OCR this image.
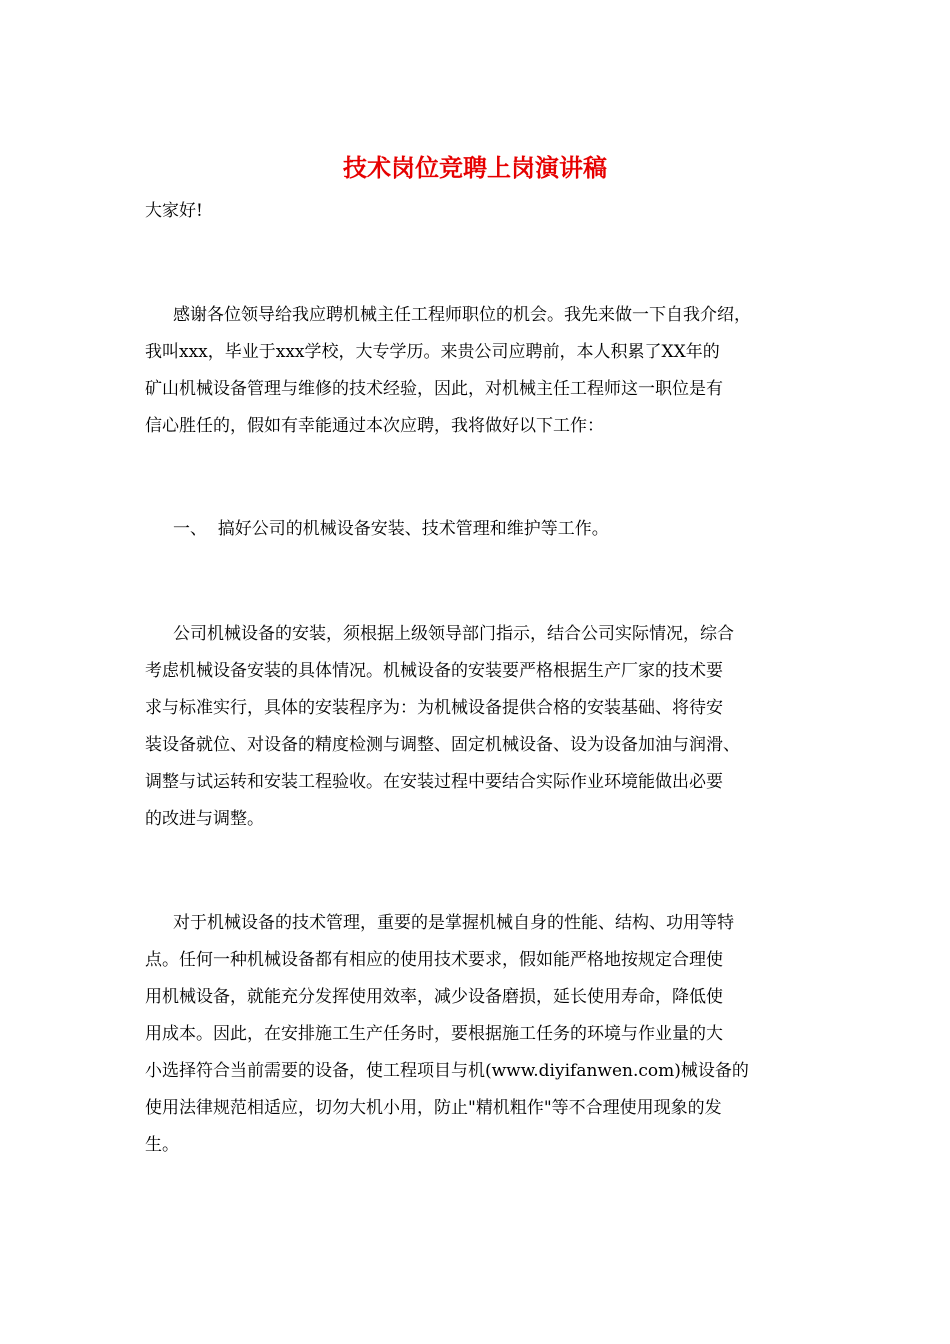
技术岗位竞聘上岗演讲稿

大家好!

感谢各位领导给我应聘机械主任工程师职位的机会。我先来做一下自我介绍，

我叫xxx，毕业于xxx学校，大专学历。来贵公司应聘前，本人积累了XX年的

矿山机械设备管理与维修的技术经验，因此，对机械主任工程师这一职位是有

信心胜任的，假如有幸能通过本次应聘，我将做好以下工作：

一、  搞好公司的机械设备安装、技术管理和维护等工作。

公司机械设备的安装，须根据上级领导部门指示，结合公司实际情况，综合

考虑机械设备安装的具体情况。机械设备的安装要严格根据生产厂家的技术要

求与标准实行，具体的安装程序为：为机械设备提供合格的安装基础、将待安

装设备就位、对设备的精度检测与调整、固定机械设备、设为设备加油与润滑、

调整与试运转和安装工程验收。在安装过程中要结合实际作业环境能做出必要

的改进与调整。

对于机械设备的技术管理，重要的是掌握机械自身的性能、结构、功用等特

点。任何一种机械设备都有相应的使用技术要求，假如能严格地按规定合理使

用机械设备，就能充分发挥使用效率，减少设备磨损，延长使用寿命，降低使

用成本。因此，在安排施工生产任务时，要根据施工任务的环境与作业量的大

小选择符合当前需要的设备，使工程项目与机(www.diyifanwen.com)械设备的

使用法律规范相适应，切勿大机小用，防止"精机粗作"等不合理使用现象的发

生。
